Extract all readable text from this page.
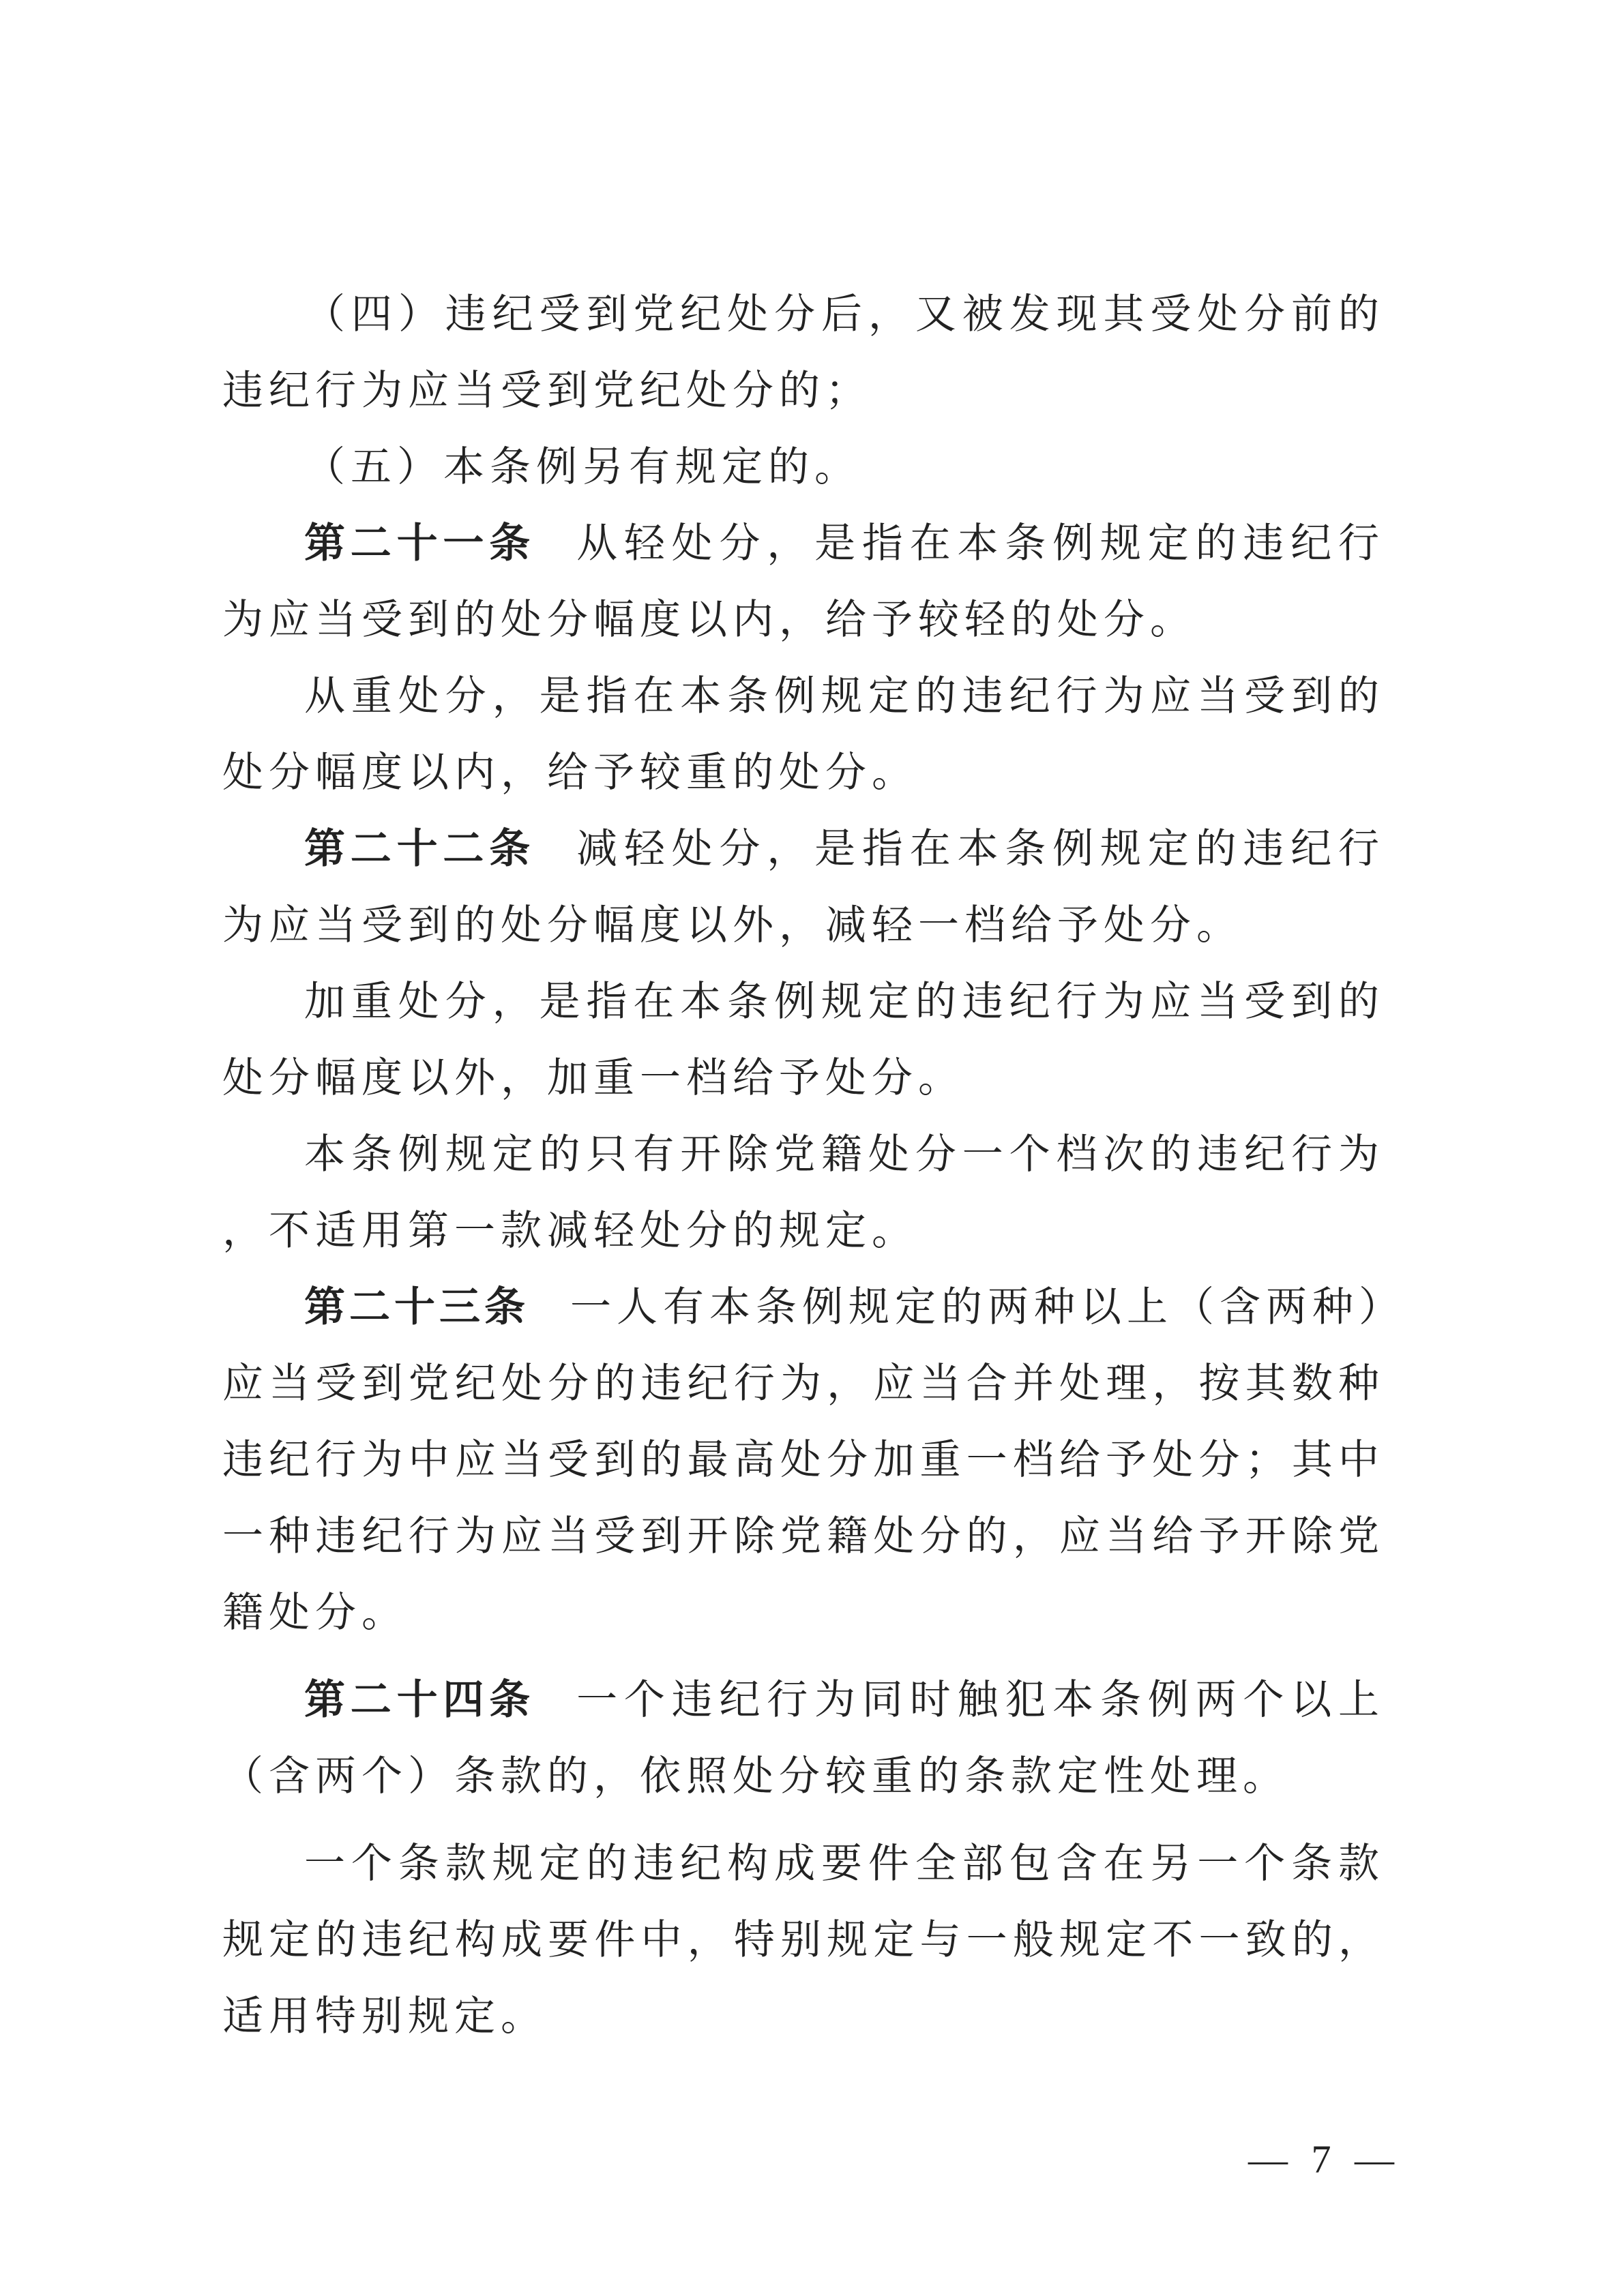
（四）违纪受到党纪处分后，又被发现其受处分前的违纪行为应当受到党纪处分的；

（五）本条例另有规定的。

第二十一条 从轻处分，是指在本条例规定的违纪行为应当受到的处分幅度以内，给予较轻的处分。

从重处分，是指在本条例规定的违纪行为应当受到的处分幅度以内，给予较重的处分。

第二十二条 减轻处分，是指在本条例规定的违纪行为应当受到的处分幅度以外，减轻一档给予处分。

加重处分，是指在本条例规定的违纪行为应当受到的处分幅度以外，加重一档给予处分。

本条例规定的只有开除党籍处分一个档次的违纪行为，不适用第一款减轻处分的规定。

第二十三条 一人有本条例规定的两种以上（含两种）应当受到党纪处分的违纪行为，应当合并处理，按其数种违纪行为中应当受到的最高处分加重一档给予处分；其中一种违纪行为应当受到开除党籍处分的，应当给予开除党籍处分。

第二十四条 一个违纪行为同时触犯本条例两个以上（含两个）条款的，依照处分较重的条款定性处理。

一个条款规定的违纪构成要件全部包含在另一个条款规定的违纪构成要件中，特别规定与一般规定不一致的，适用特别规定。

— 7 —
